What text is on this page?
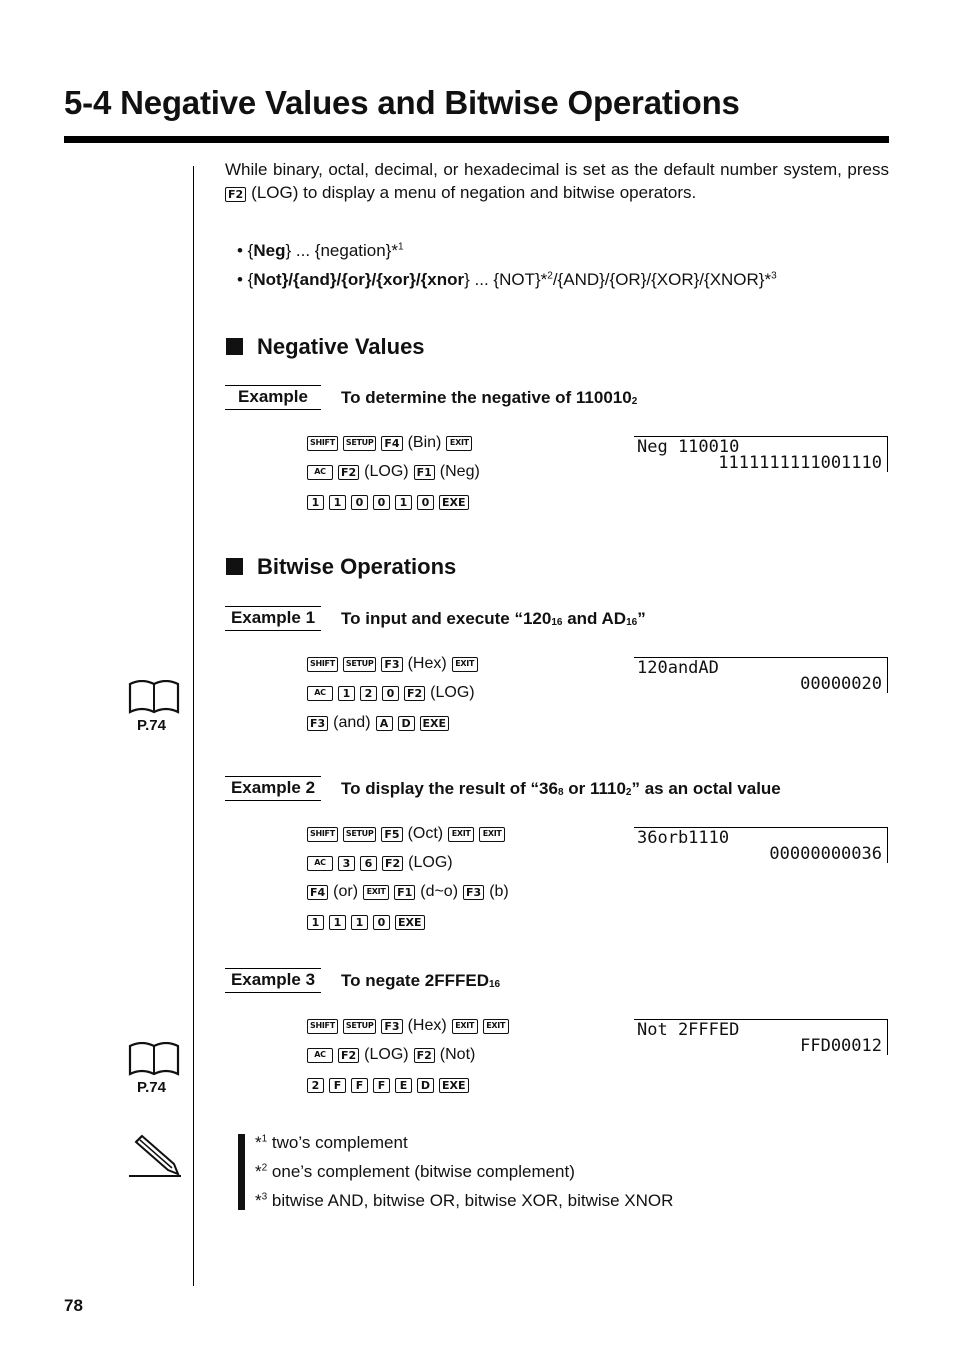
5-4 Negative Values and Bitwise Operations
While binary, octal, decimal, or hexadecimal is set as the default number system, press F2 (LOG) to display a menu of negation and bitwise operators.
• {Neg} ... {negation}*$^1$
• {Not}/{and}/{or}/{xor}/{xnor} ... {NOT}*$^2$/{AND}/{OR}/{XOR}/{XNOR}*$^3$
Negative Values
Example	To determine the negative of $110010_2$
SHIFT	SETUP F4 (Bin)	EXIT
AC	F2 (LOG) F1 (Neg)
1	1	0	0	1	0	EXE
Neg 110010
1111111111001110
Bitwise Operations
Example 1	To input and execute “$120_{16}$ and $AD_{16}$”
SHIFT	SETUP F3 (Hex)	EXIT
AC	1	2	0	F2 (LOG)
F3 (and) A	D	EXE
120andAD
00000020
P.74
Example 2	To display the result of “$36_8$ or $1110_2$” as an octal value
SHIFT	SETUP F5 (Oct)	EXIT	EXIT
AC	3	6	F2 (LOG)
F4 (or)	EXIT	F1 (d~o) F3 (b)
1	1	1	0	EXE
36orb1110
00000000036
Example 3	To negate $2FFFED_{16}$
SHIFT	SETUP F3 (Hex)	EXIT	EXIT
AC	F2 (LOG) F2 (Not)
2	F	F	F	E	D	EXE
Not 2FFFED
FFD00012
P.74
*$^1$ two’s complement
*$^2$ one’s complement (bitwise complement)
*$^3$ bitwise AND, bitwise OR, bitwise XOR, bitwise XNOR
78
